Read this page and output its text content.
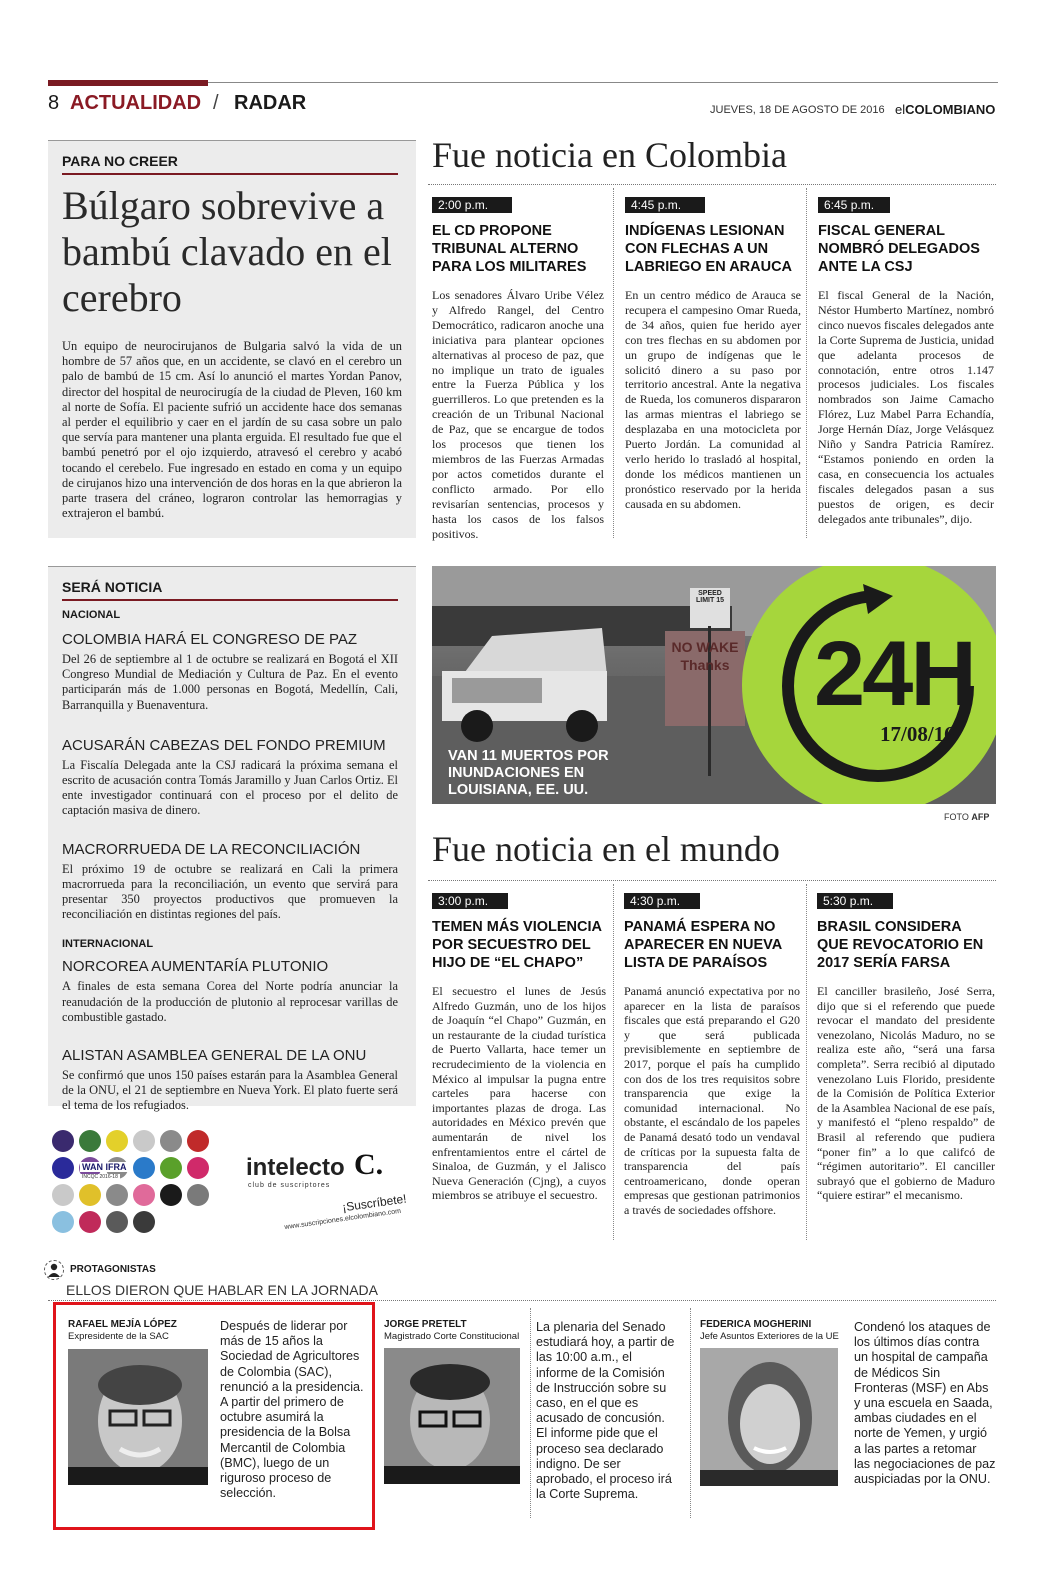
8 ACTUALIDAD / RADAR	JUEVES, 18 DE AGOSTO DE 2016 elCOLOMBIANO
PARA NO CREER
Búlgaro sobrevive a bambú clavado en el cerebro
Un equipo de neurocirujanos de Bulgaria salvó la vida de un hombre de 57 años que, en un accidente, se clavó en el cerebro un palo de bambú de 15 cm. Así lo anunció el martes Yordan Panov, director del hospital de neurocirugía de la ciudad de Pleven, 160 km al norte de Sofía. El paciente sufrió un accidente hace dos semanas al perder el equilibrio y caer en el jardín de su casa sobre un palo que servía para mantener una planta erguida. El resultado fue que el bambú penetró por el ojo izquierdo, atravesó el cerebro y acabó tocando el cerebelo. Fue ingresado en estado en coma y un equipo de cirujanos hizo una intervención de dos horas en la que abrieron la parte trasera del cráneo, lograron controlar las hemorragias y extrajeron el bambú.
Fue noticia en Colombia
2:00 p.m.
EL CD PROPONE TRIBUNAL ALTERNO PARA LOS MILITARES
Los senadores Álvaro Uribe Vélez y Alfredo Rangel, del Centro Democrático, radicaron anoche una iniciativa para plantear opciones alternativas al proceso de paz, que no implique un trato de iguales entre la Fuerza Pública y los guerrilleros. Lo que pretenden es la creación de un Tribunal Nacional de Paz, que se encargue de todos los procesos que tienen los miembros de las Fuerzas Armadas por actos cometidos durante el conflicto armado. Por ello revisarían sentencias, procesos y hasta los casos de los falsos positivos.
4:45 p.m.
INDÍGENAS LESIONAN CON FLECHAS A UN LABRIEGO EN ARAUCA
En un centro médico de Arauca se recupera el campesino Omar Rueda, de 34 años, quien fue herido ayer con tres flechas en su abdomen por un grupo de indígenas que le solicitó dinero a su paso por territorio ancestral. Ante la negativa de Rueda, los comuneros dispararon las armas mientras el labriego se desplazaba en una motocicleta por Puerto Jordán. La comunidad al verlo herido lo trasladó al hospital, donde los médicos mantienen un pronóstico reservado por la herida causada en su abdomen.
6:45 p.m.
FISCAL GENERAL NOMBRÓ DELEGADOS ANTE LA CSJ
El fiscal General de la Nación, Néstor Humberto Martínez, nombró cinco nuevos fiscales delegados ante la Corte Suprema de Justicia, unidad que adelanta procesos de connotación, entre otros 1.147 procesos judiciales. Los fiscales nombrados son Jaime Camacho Flórez, Luz Mabel Parra Echandía, Jorge Hernán Díaz, Jorge Velásquez Niño y Sandra Patricia Ramírez. “Estamos poniendo en orden la casa, en consecuencia los actuales fiscales delegados pasan a sus puestos de origen, es decir delegados ante tribunales”, dijo.
SERÁ NOTICIA
NACIONAL
COLOMBIA HARÁ EL CONGRESO DE PAZ
Del 26 de septiembre al 1 de octubre se realizará en Bogotá el XII Congreso Mundial de Mediación y Cultura de Paz. En el evento participarán más de 1.000 personas en Bogotá, Medellín, Cali, Barranquilla y Buenaventura.
ACUSARÁN CABEZAS DEL FONDO PREMIUM
La Fiscalía Delegada ante la CSJ radicará la próxima semana el escrito de acusación contra Tomás Jaramillo y Juan Carlos Ortiz. El ente investigador continuará con el proceso por el delito de captación masiva de dinero.
MACRORRUEDA DE LA RECONCILIACIÓN
El próximo 19 de octubre se realizará en Cali la primera macrorrueda para la reconciliación, un evento que servirá para presentar 350 proyectos productivos que promueven la reconciliación en distintas regiones del país.
INTERNACIONAL
NORCOREA AUMENTARÍA PLUTONIO
A finales de esta semana Corea del Norte podría anunciar la reanudación de la producción de plutonio al reprocesar varillas de combustible gastado.
ALISTAN ASAMBLEA GENERAL DE LA ONU
Se confirmó que unos 150 países estarán para la Asamblea General de la ONU, el 21 de septiembre en Nueva York. El plato fuerte será el tema de los refugiados.
SPEED LIMIT 15
NO WAKE Thanks 24H
17/08/16
VAN 11 MUERTOS POR INUNDACIONES EN LOUISIANA, EE. UU.
FOTO AFP
Fue noticia en el mundo
3:00 p.m.
TEMEN MÁS VIOLENCIA POR SECUESTRO DEL HIJO DE “EL CHAPO”
El secuestro el lunes de Jesús Alfredo Guzmán, uno de los hijos de Joaquín “el Chapo” Guzmán, en un restaurante de la ciudad turística de Puerto Vallarta, hace temer un recrudecimiento de la violencia en México al impulsar la pugna entre carteles para hacerse con importantes plazas de droga. Las autoridades en México prevén que aumentarán de nivel los enfrentamientos entre el cártel de Sinaloa, de Guzmán, y el Jalisco Nueva Generación (Cjng), a cuyos miembros se atribuye el secuestro.
4:30 p.m.
PANAMÁ ESPERA NO APARECER EN NUEVA LISTA DE PARAÍSOS
Panamá anunció expectativa por no aparecer en la lista de paraísos fiscales que está preparando el G20 y que será publicada previsiblemente en septiembre de 2017, porque el país ha cumplido con dos de los tres requisitos sobre transparencia que exige la comunidad internacional. No obstante, el escándalo de los papeles de Panamá desató todo un vendaval de críticas por la supuesta falta de transparencia del país centroamericano, donde operan empresas que gestionan patrimonios a través de sociedades offshore.
5:30 p.m.
BRASIL CONSIDERA QUE REVOCATORIO EN 2017 SERÍA FARSA
El canciller brasileño, José Serra, dijo que si el referendo que puede revocar el mandato del presidente venezolano, Nicolás Maduro, no se realiza este año, “será una farsa completa”. Serra recibió al diputado venezolano Luis Florido, presidente de la Comisión de Política Exterior de la Asamblea Nacional de ese país, y manifestó el “pleno respaldo” de Brasil al referendo que pudiera “poner fin” a lo que califcó de “régimen autoritario”. El canciller subrayó que el gobierno de Maduro “quiere estirar” el mecanismo.
WAN IFRA
INCQC 2016-18	intelecto C.
club de suscriptores
¡Suscríbete!
www.suscripciones.elcolombiano.com
PROTAGONISTAS
ELLOS DIERON QUE HABLAR EN LA JORNADA
RAFAEL MEJÍA LÓPEZ
Expresidente de la SAC
Después de liderar por más de 15 años la Sociedad de Agricultores de Colombia (SAC), renunció a la presidencia. A partir del primero de octubre asumirá la presidencia de la Bolsa Mercantil de Colombia (BMC), luego de un riguroso proceso de selección.
JORGE PRETELT
Magistrado Corte Constitucional
La plenaria del Senado estudiará hoy, a partir de las 10:00 a.m., el informe de la Comisión de Instrucción sobre su caso, en el que es acusado de concusión. El informe pide que el proceso sea declarado indigno. De ser aprobado, el proceso irá la Corte Suprema.
FEDERICA MOGHERINI
Jefe Asuntos Exteriores de la UE
Condenó los ataques de los últimos días contra un hospital de campaña de Médicos Sin Fronteras (MSF) en Abs y una escuela en Saada, ambas ciudades en el norte de Yemen, y urgió a las partes a retomar las negociaciones de paz auspiciadas por la ONU.
